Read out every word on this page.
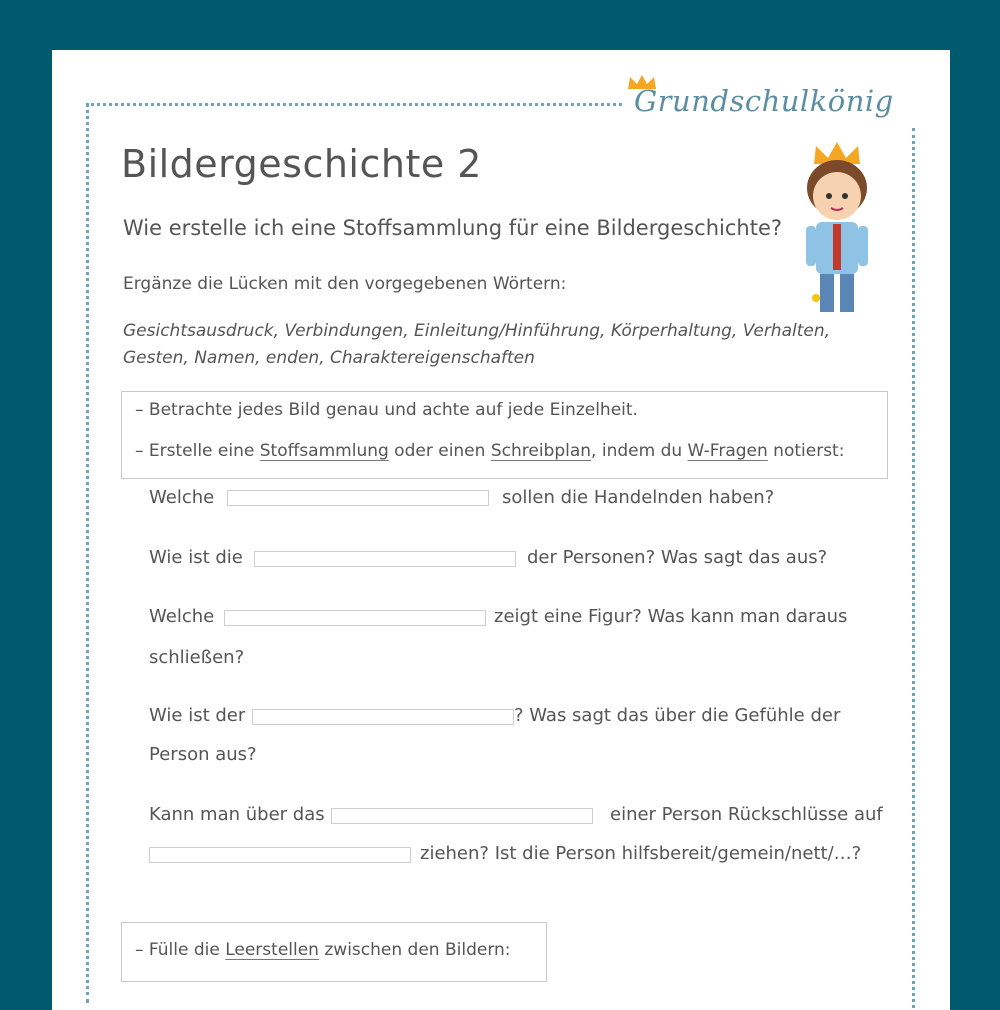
Grundschulkönig
Bildergeschichte 2
Wie erstelle ich eine Stoffsammlung für eine Bildergeschichte?
Ergänze die Lücken mit den vorgegebenen Wörtern:
Gesichtsausdruck, Verbindungen, Einleitung/Hinführung, Körperhaltung, Verhalten, Gesten, Namen, enden, Charaktereigenschaften
– Betrachte jedes Bild genau und achte auf jede Einzelheit.
– Erstelle eine Stoffsammlung oder einen Schreibplan, indem du W-Fragen notierst:
Welche	sollen die Handelnden haben?
Wie ist die	der Personen? Was sagt das aus?
Welche	zeigt eine Figur? Was kann man daraus
schließen?
Wie ist der	? Was sagt das über die Gefühle der
Person aus?
Kann man über das	einer Person Rückschlüsse auf
ziehen? Ist die Person hilfsbereit/gemein/nett/…?
– Fülle die Leerstellen zwischen den Bildern:
